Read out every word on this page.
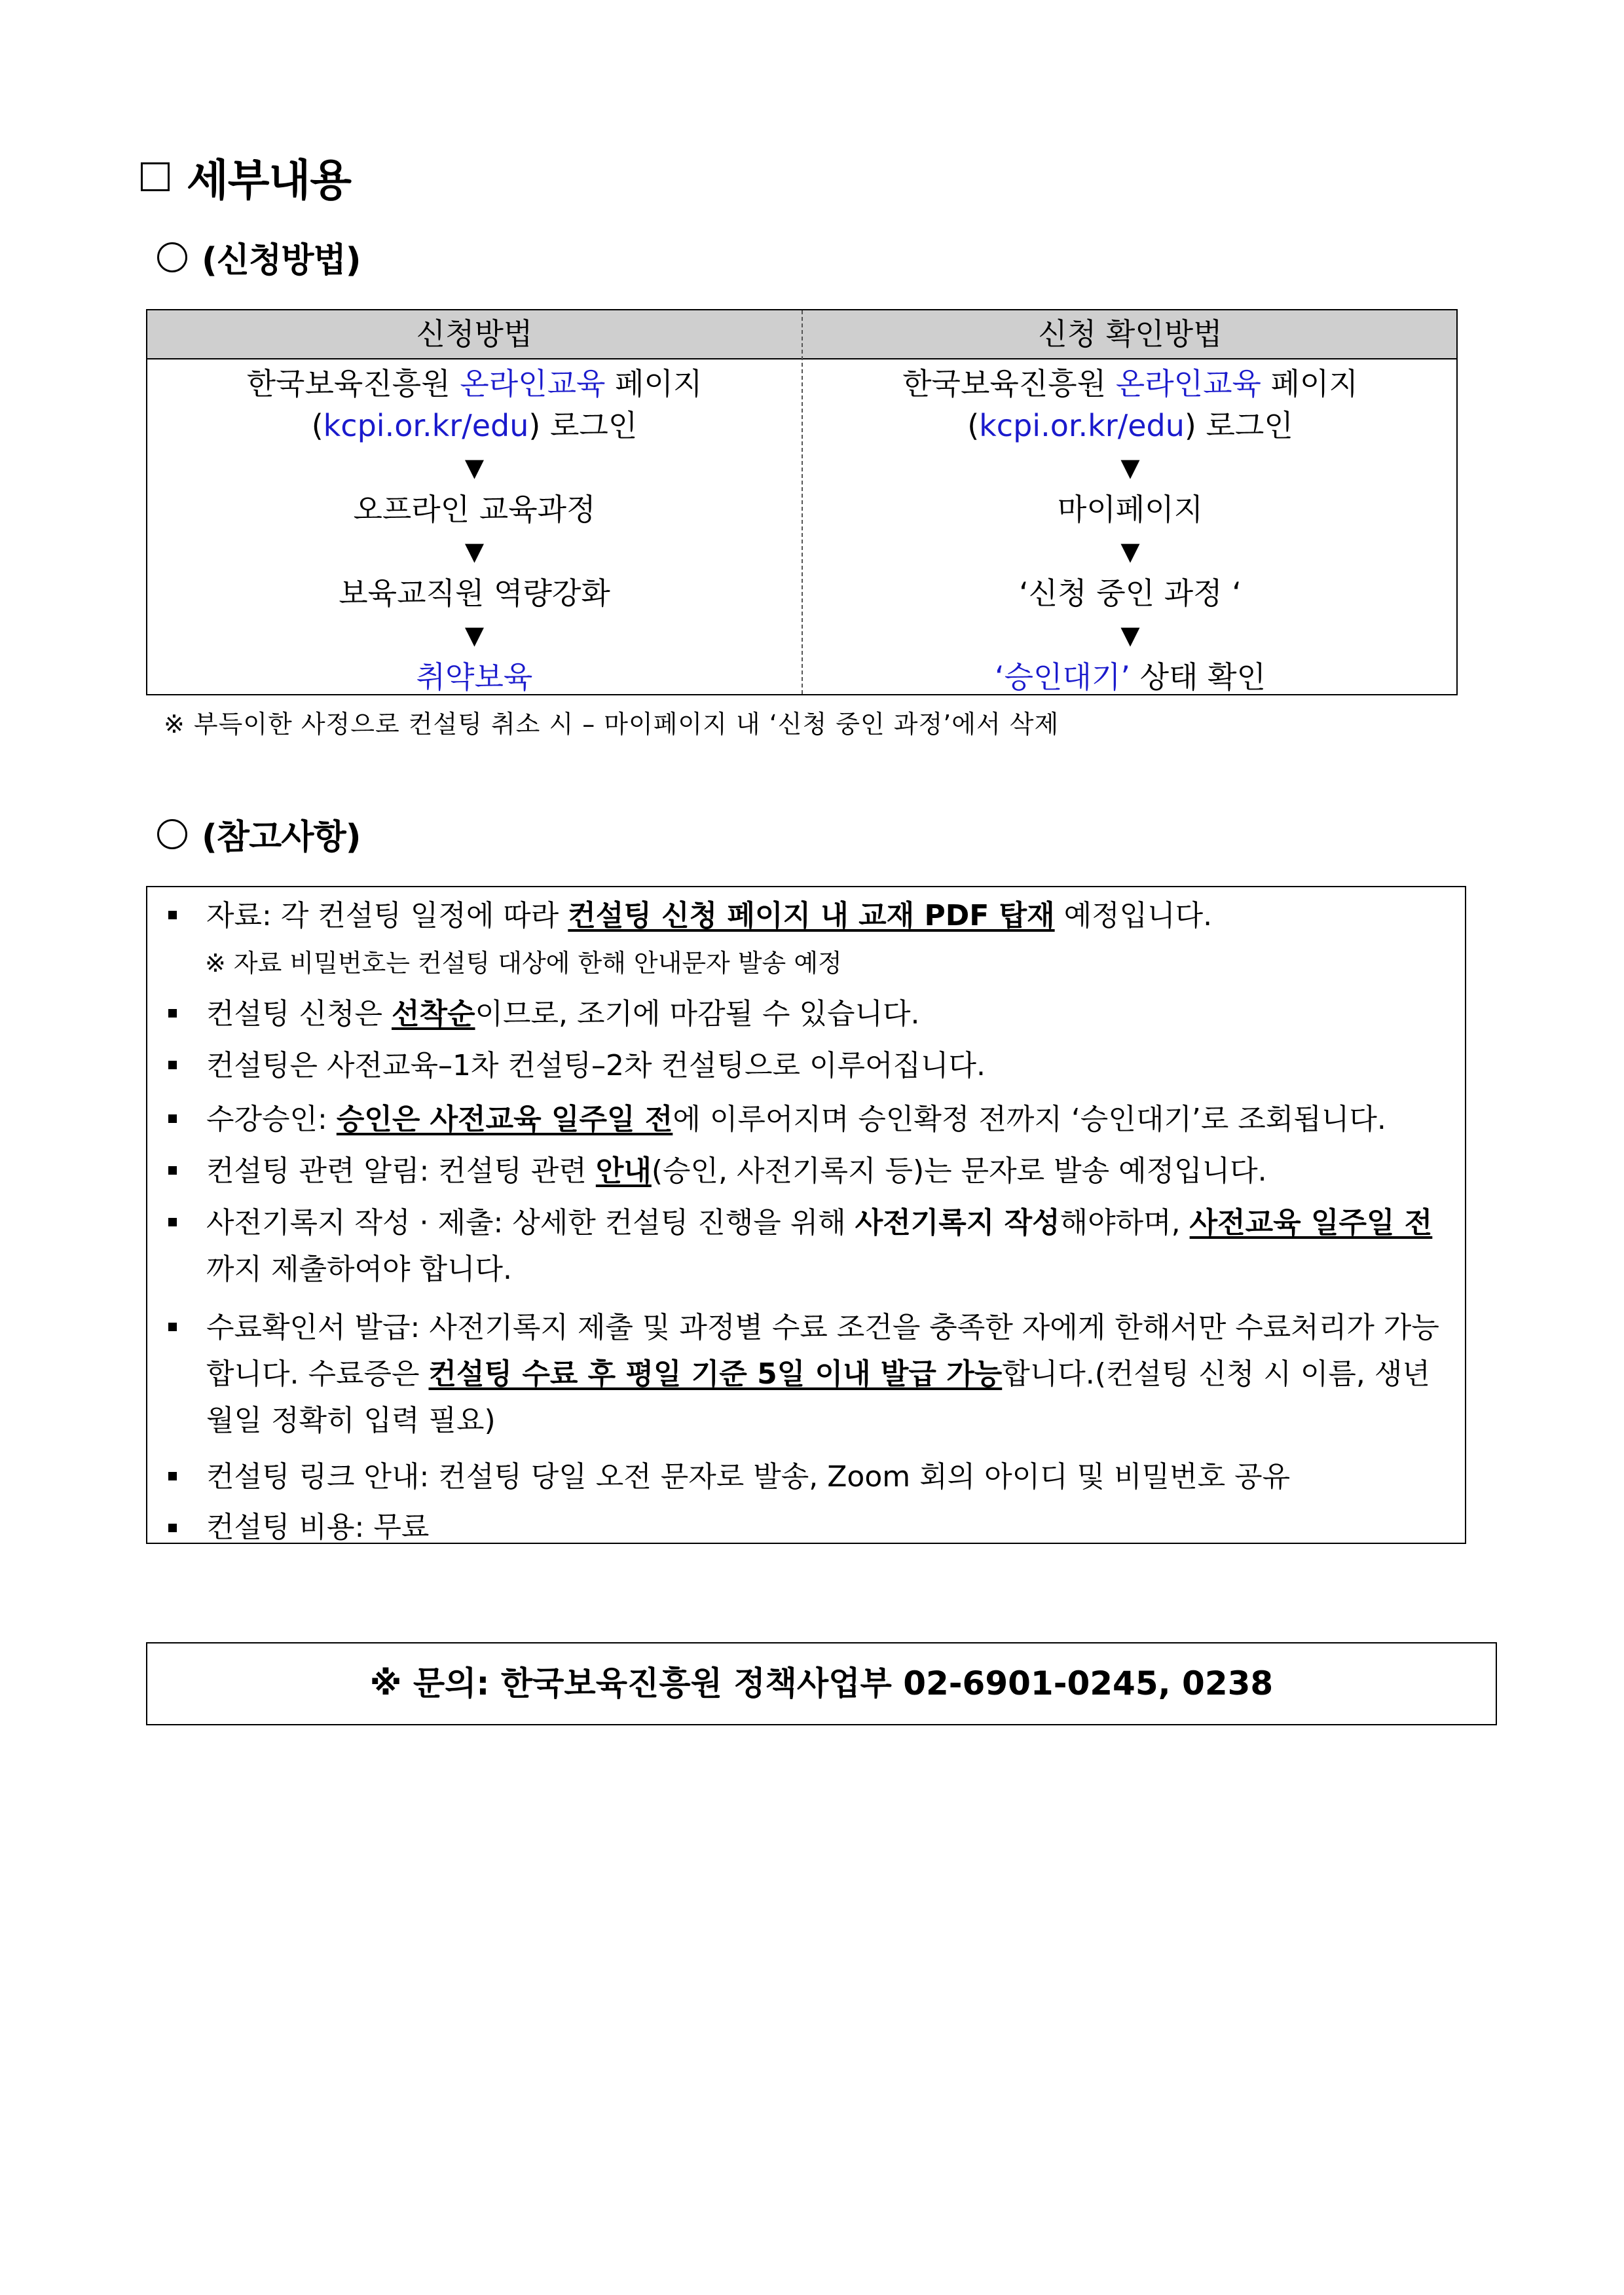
세부내용
(신청방법)
신청방법	신청 확인방법
한국보육진흥원 온라인교육 페이지
(kcpi.or.kr/edu) 로그인
▼
오프라인 교육과정
▼
보육교직원 역량강화
▼
취약보육
한국보육진흥원 온라인교육 페이지
(kcpi.or.kr/edu) 로그인
▼
마이페이지
▼
‘신청 중인 과정 ‘
▼
‘승인대기’ 상태 확인
※ 부득이한 사정으로 컨설팅 취소 시 – 마이페이지 내 ‘신청 중인 과정’에서 삭제
(참고사항)
자료: 각 컨설팅 일정에 따라 컨설팅 신청 페이지 내 교재 PDF 탑재 예정입니다.
※ 자료 비밀번호는 컨설팅 대상에 한해 안내문자 발송 예정
컨설팅 신청은 선착순이므로, 조기에 마감될 수 있습니다.
컨설팅은 사전교육–1차 컨설팅–2차 컨설팅으로 이루어집니다.
수강승인: 승인은 사전교육 일주일 전에 이루어지며 승인확정 전까지 ‘승인대기’로 조회됩니다.
컨설팅 관련 알림: 컨설팅 관련 안내(승인, 사전기록지 등)는 문자로 발송 예정입니다.
사전기록지 작성 · 제출: 상세한 컨설팅 진행을 위해 사전기록지 작성해야하며, 사전교육 일주일 전까지 제출하여야 합니다.
수료확인서 발급: 사전기록지 제출 및 과정별 수료 조건을 충족한 자에게 한해서만 수료처리가 가능합니다. 수료증은 컨설팅 수료 후 평일 기준 5일 이내 발급 가능합니다.(컨설팅 신청 시 이름, 생년월일 정확히 입력 필요)
컨설팅 링크 안내: 컨설팅 당일 오전 문자로 발송, Zoom 회의 아이디 및 비밀번호 공유
컨설팅 비용: 무료
※ 문의: 한국보육진흥원 정책사업부 02-6901-0245, 0238
